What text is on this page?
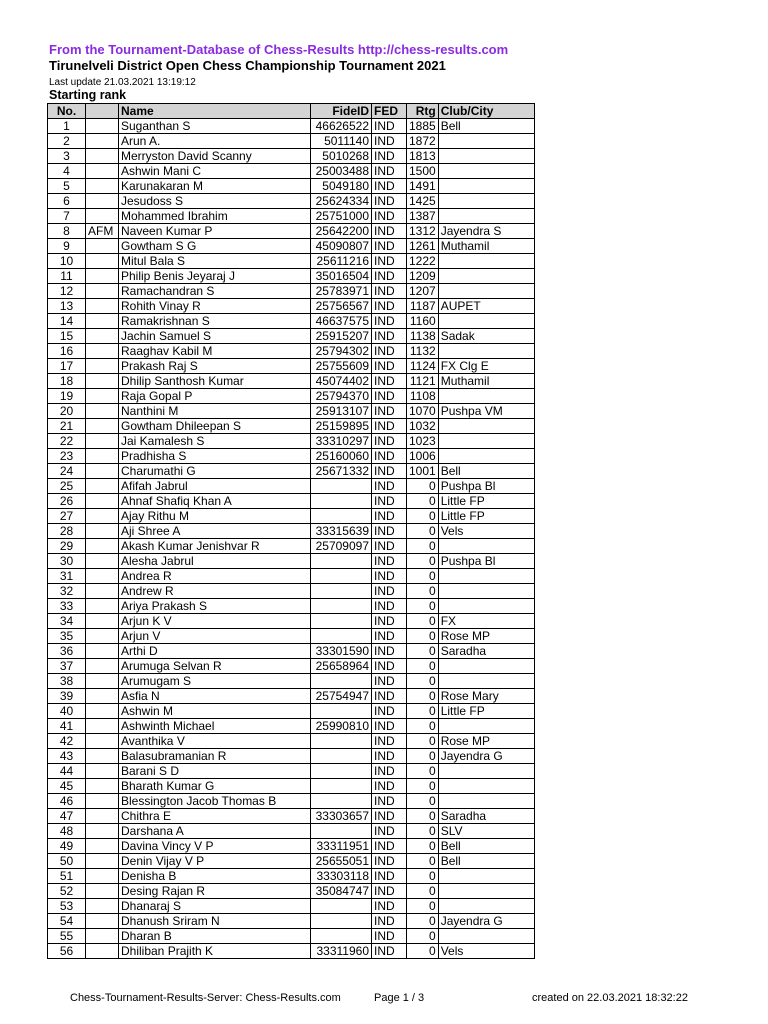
From the Tournament-Database of Chess-Results http://chess-results.com
Tirunelveli District Open Chess Championship Tournament 2021
Last update 21.03.2021 13:19:12
Starting rank
No.		Name	FideID	FED	Rtg	Club/City
1		Suganthan S	46626522	IND	1885	Bell
2		Arun A.	5011140	IND	1872	
3		Merryston David Scanny	5010268	IND	1813	
4		Ashwin Mani C	25003488	IND	1500	
5		Karunakaran M	5049180	IND	1491	
6		Jesudoss S	25624334	IND	1425	
7		Mohammed Ibrahim	25751000	IND	1387	
8	AFM	Naveen Kumar P	25642200	IND	1312	Jayendra S
9		Gowtham S G	45090807	IND	1261	Muthamil
10		Mitul Bala S	25611216	IND	1222	
11		Philip Benis Jeyaraj J	35016504	IND	1209	
12		Ramachandran S	25783971	IND	1207	
13		Rohith Vinay R	25756567	IND	1187	AUPET
14		Ramakrishnan S	46637575	IND	1160	
15		Jachin Samuel S	25915207	IND	1138	Sadak
16		Raaghav Kabil M	25794302	IND	1132	
17		Prakash Raj S	25755609	IND	1124	FX Clg E
18		Dhilip Santhosh Kumar	45074402	IND	1121	Muthamil
19		Raja Gopal P	25794370	IND	1108	
20		Nanthini M	25913107	IND	1070	Pushpa VM
21		Gowtham Dhileepan S	25159895	IND	1032	
22		Jai Kamalesh S	33310297	IND	1023	
23		Pradhisha S	25160060	IND	1006	
24		Charumathi G	25671332	IND	1001	Bell
25		Afifah Jabrul		IND	0	Pushpa Bl
26		Ahnaf Shafiq Khan A		IND	0	Little FP
27		Ajay Rithu M		IND	0	Little FP
28		Aji Shree A	33315639	IND	0	Vels
29		Akash Kumar Jenishvar R	25709097	IND	0	
30		Alesha Jabrul		IND	0	Pushpa Bl
31		Andrea R		IND	0	
32		Andrew R		IND	0	
33		Ariya Prakash S		IND	0	
34		Arjun K V		IND	0	FX
35		Arjun V		IND	0	Rose MP
36		Arthi D	33301590	IND	0	Saradha
37		Arumuga Selvan R	25658964	IND	0	
38		Arumugam S		IND	0	
39		Asfia N	25754947	IND	0	Rose Mary
40		Ashwin M		IND	0	Little FP
41		Ashwinth Michael	25990810	IND	0	
42		Avanthika V		IND	0	Rose MP
43		Balasubramanian R		IND	0	Jayendra G
44		Barani S D		IND	0	
45		Bharath Kumar G		IND	0	
46		Blessington Jacob Thomas B		IND	0	
47		Chithra E	33303657	IND	0	Saradha
48		Darshana A		IND	0	SLV
49		Davina Vincy V P	33311951	IND	0	Bell
50		Denin Vijay V P	25655051	IND	0	Bell
51		Denisha B	33303118	IND	0	
52		Desing Rajan R	35084747	IND	0	
53		Dhanaraj S		IND	0	
54		Dhanush Sriram N		IND	0	Jayendra G
55		Dharan B		IND	0	
56		Dhiliban Prajith K	33311960	IND	0	Vels
Chess-Tournament-Results-Server: Chess-Results.com	Page 1 / 3	created on 22.03.2021 18:32:22
